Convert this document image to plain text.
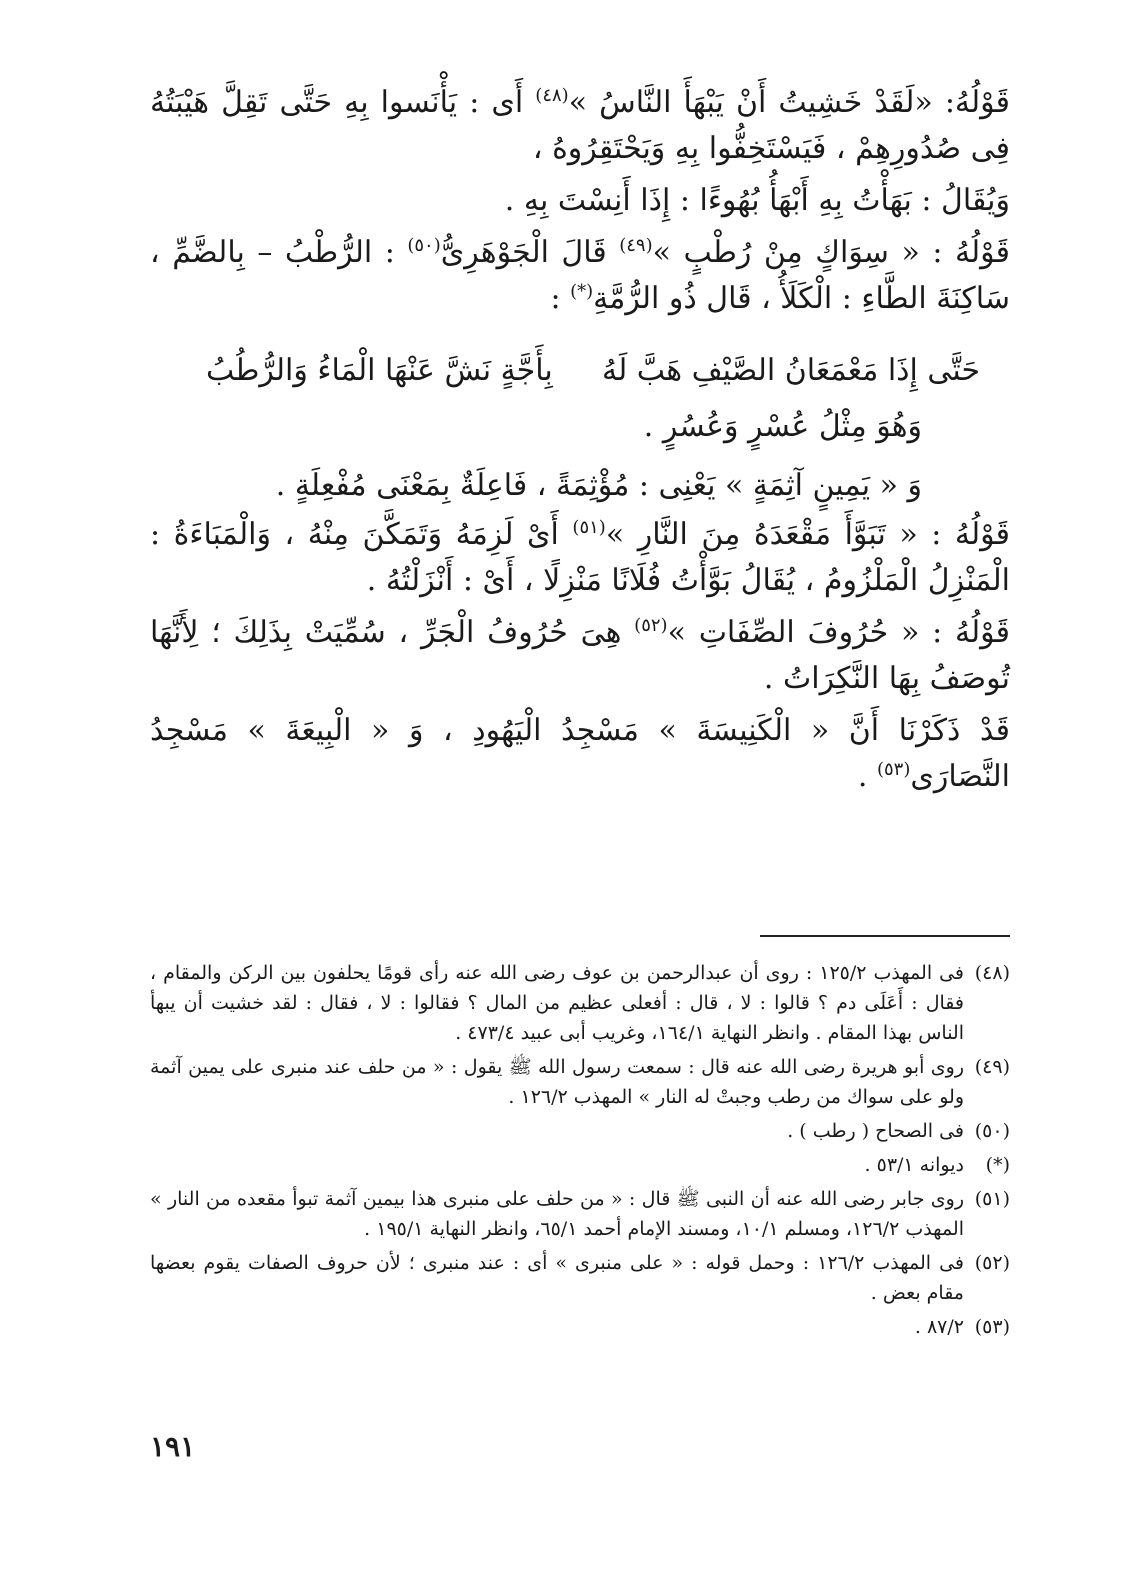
قَوْلُهُ: «لَقَدْ خَشِيتُ أَنْ يَبْهَأَ النَّاسُ »$^{(٤٨)}$ أَى : يَأْنَسوا بِهِ حَتَّى تَقِلَّ هَيْبَتُهُ فِى صُدُورِهِمْ ، فَيَسْتَخِفُّوا بِهِ وَيَحْتَقِرُوهُ ،

وَيُقَالُ : بَهَأْتُ بِهِ أَبْهَأُ بُهُوءًا : إِذَا أَنِسْتَ بِهِ .

قَوْلُهُ : « سِوَاكٍ مِنْ رُطْبٍ »$^{(٤٩)}$ قَالَ الْجَوْهَرِىُّ$^{(٥٠)}$ : الرُّطْبُ – بِالضَّمِّ ، سَاكِنَةَ الطَّاءِ : الْكَلَأُ ، قَال ذُو الرُّمَّةِ(*) :

حَتَّى إِذَا مَعْمَعَانُ الصَّيْفِ هَبَّ لَهُ
بِأَجَّةٍ نَشَّ عَنْهَا الْمَاءُ وَالرُّطُبُ
وَهُوَ مِثْلُ عُسْرٍ وَعُسُرٍ .

وَ « يَمِينٍ آثِمَةٍ » يَعْنِى : مُؤْثِمَةً ، فَاعِلَةٌ بِمَعْنَى مُفْعِلَةٍ .

قَوْلُهُ : « تَبَوَّأَ مَقْعَدَهُ مِنَ النَّارِ »$^{(٥١)}$ أَىْ لَزِمَهُ وَتَمَكَّنَ مِنْهُ ، وَالْمَبَاءَةُ : الْمَنْزِلُ الْمَلْزُومُ ، يُقَالُ بَوَّأْتُ فُلَانًا مَنْزِلًا ، أَىْ : أَنْزَلْتُهُ .

قَوْلُهُ : « حُرُوفَ الصِّفَاتِ »$^{(٥٢)}$ هِىَ حُرُوفُ الْجَرِّ ، سُمِّيَتْ بِذَلِكَ ؛ لِأَنَّهَا تُوصَفُ بِهَا النَّكِرَاتُ .

قَدْ ذَكَرْنَا أَنَّ « الْكَنِيسَةَ » مَسْجِدُ الْيَهُودِ ، وَ « الْبِيعَةَ » مَسْجِدُ النَّصَارَى$^{(٥٣)}$ .

(٤٨)
فى المهذب ١٢٥/٢ : روى أن عبدالرحمن بن عوف رضى الله عنه رأى قومًا يحلفون بين الركن والمقام ، فقال : أَعَلَى دم ؟ قالوا : لا ، قال : أفعلى عظيم من المال ؟ فقالوا : لا ، فقال : لقد خشيت أن يبهأ الناس بهذا المقام . وانظر النهاية ١٦٤/١، وغريب أبى عبيد ٤٧٣/٤ .
(٤٩)
روى أبو هريرة رضى الله عنه قال : سمعت رسول الله ﷺ يقول : « من حلف عند منبرى على يمين آثمة ولو على سواك من رطب وجبتْ له النار » المهذب ١٢٦/٢ .
(٥٠)
فى الصحاح ( رطب ) .
(*)
ديوانه ٥٣/١ .
(٥١)
روى جابر رضى الله عنه أن النبى ﷺ قال : « من حلف على منبرى هذا بيمين آثمة تبوأ مقعده من النار » المهذب ١٢٦/٢، ومسلم ١٠/١، ومسند الإمام أحمد ٦٥/١، وانظر النهاية ١٩٥/١ .
(٥٢)
فى المهذب ١٢٦/٢ : وحمل قوله : « على منبرى » أى : عند منبرى ؛ لأن حروف الصفات يقوم بعضها مقام بعض .
(٥٣)
٨٧/٢ .
١٩١
